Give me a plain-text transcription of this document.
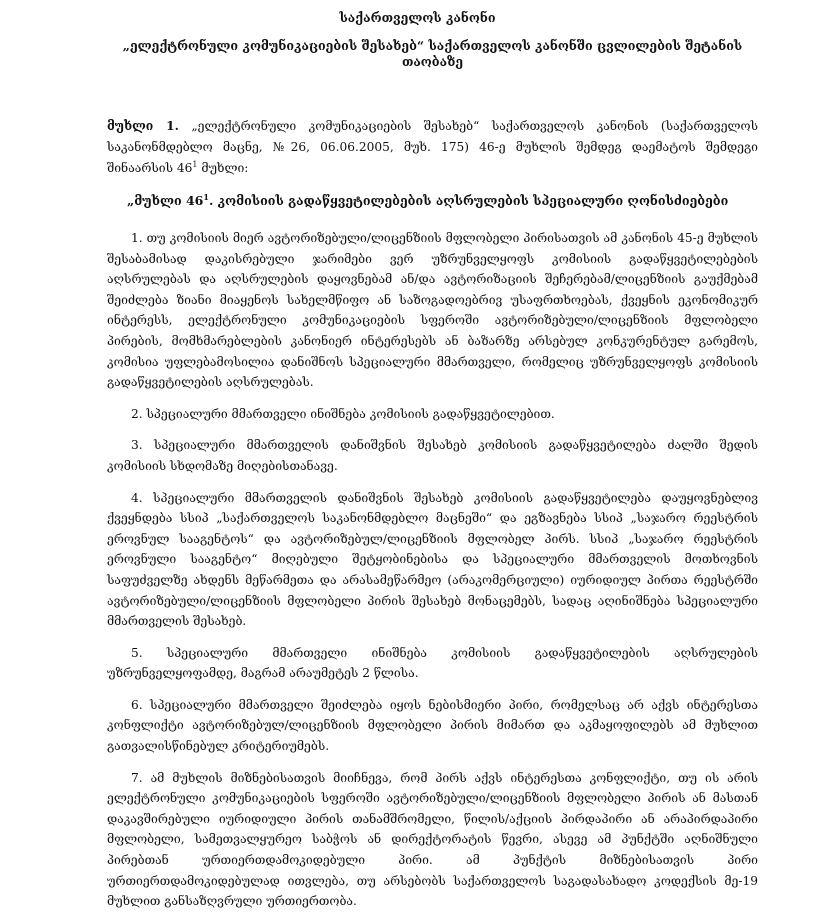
საქართველოს კანონი
„ელექტრონული კომუნიკაციების შესახებ“ საქართველოს კანონში ცვლილების შეტანის თაობაზე

მუხლი 1. „ელექტრონული კომუნიკაციების შესახებ“ საქართველოს კანონის (საქართველოს საკანონმდებლო მაცნე, №26, 06.06.2005, მუხ. 175) 46-ე მუხლის შემდეგ დაემატოს შემდეგი შინაარსის $46^1$ მუხლი:

„მუხლი $46^1$. კომისიის გადაწყვეტილებების აღსრულების სპეციალური ღონისძიებები

1. თუ კომისიის მიერ ავტორიზებული/ლიცენზიის მფლობელი პირისათვის ამ კანონის 45-ე მუხლის შესაბამისად დაკისრებული ჯარიმები ვერ უზრუნველყოფს კომისიის გადაწყვეტილებების აღსრულებას და აღსრულების დაყოვნებამ ან/და ავტორიზაციის შეჩერებამ/ლიცენზიის გაუქმებამ შეიძლება ზიანი მიაყენოს სახელმწიფო ან საზოგადოებრივ უსაფრთხოებას, ქვეყნის ეკონომიკურ ინტერესს, ელექტრონული კომუნიკაციების სფეროში ავტორიზებული/ლიცენზიის მფლობელი პირების, მომხმარებლების კანონიერ ინტერესებს ან ბაზარზე არსებულ კონკურენტულ გარემოს, კომისია უფლებამოსილია დანიშნოს სპეციალური მმართველი, რომელიც უზრუნველყოფს კომისიის გადაწყვეტილების აღსრულებას.

2. სპეციალური მმართველი ინიშნება კომისიის გადაწყვეტილებით.

3. სპეციალური მმართველის დანიშვნის შესახებ კომისიის გადაწყვეტილება ძალში შედის კომისიის სხდომაზე მიღებისთანავე.

4. სპეციალური მმართველის დანიშვნის შესახებ კომისიის გადაწყვეტილება დაუყოვნებლივ ქვეყნდება სსიპ „საქართველოს საკანონმდებლო მაცნეში“ და ეგზავნება სსიპ „საჯარო რეესტრის ეროვნულ სააგენტოს“ და ავტორიზებულ/ლიცენზიის მფლობელ პირს. სსიპ „საჯარო რეესტრის ეროვნული სააგენტო“ მიღებული შეტყობინებისა და სპეციალური მმართველის მოთხოვნის საფუძველზე ახდენს მეწარმეთა და არასამეწარმეო (არაკომერციული) იურიდიულ პირთა რეესტრში ავტორიზებული/ლიცენზიის მფლობელი პირის შესახებ მონაცემებს, სადაც აღინიშნება სპეციალური მმართველის შესახებ.

5. სპეციალური მმართველი ინიშნება კომისიის გადაწყვეტილების აღსრულების უზრუნველყოფამდე, მაგრამ არაუმეტეს 2 წლისა.

6. სპეციალური მმართველი შეიძლება იყოს ნებისმიერი პირი, რომელსაც არ აქვს ინტერესთა კონფლიქტი ავტორიზებულ/ლიცენზიის მფლობელი პირის მიმართ და აკმაყოფილებს ამ მუხლით გათვალისწინებულ კრიტერიუმებს.

7. ამ მუხლის მიზნებისათვის მიიჩნევა, რომ პირს აქვს ინტერესთა კონფლიქტი, თუ ის არის ელექტრონული კომუნიკაციების სფეროში ავტორიზებული/ლიცენზიის მფლობელი პირის ან მასთან დაკავშირებული იურიდიული პირის თანამშრომელი, წილის/აქციის პირდაპირი ან არაპირდაპირი მფლობელი, სამეთვალყურეო საბჭოს ან დირექტორატის წევრი, ასევე ამ პუნქტში აღნიშნული პირებთან ურთიერთდამოკიდებული პირი. ამ პუნქტის მიზნებისათვის პირი ურთიერთდამოკიდებულად ითვლება, თუ არსებობს საქართველოს საგადასახადო კოდექსის მე-19 მუხლით განსაზღვრული ურთიერთობა.
